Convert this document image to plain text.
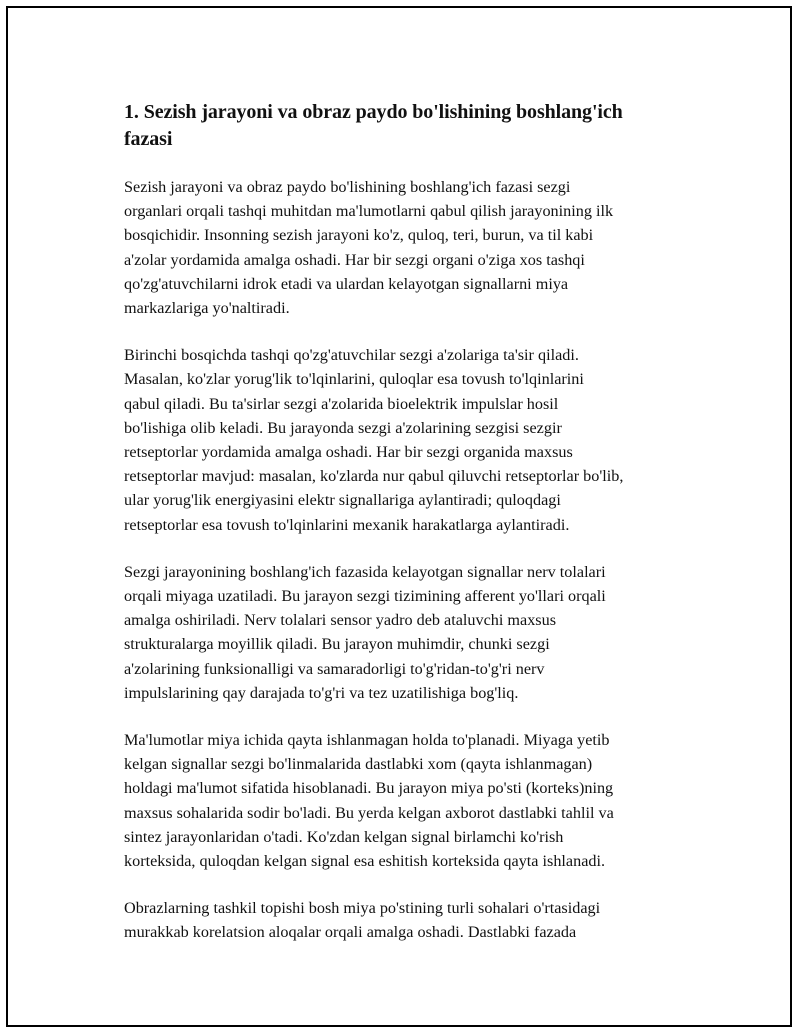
1. Sezish jarayoni va obraz paydo bo'lishining boshlang'ich
fazasi

Sezish jarayoni va obraz paydo bo'lishining boshlang'ich fazasi sezgi
organlari orqali tashqi muhitdan ma'lumotlarni qabul qilish jarayonining ilk
bosqichidir. Insonning sezish jarayoni ko'z, quloq, teri, burun, va til kabi
a'zolar yordamida amalga oshadi. Har bir sezgi organi o'ziga xos tashqi
qo'zg'atuvchilarni idrok etadi va ulardan kelayotgan signallarni miya
markazlariga yo'naltiradi.

Birinchi bosqichda tashqi qo'zg'atuvchilar sezgi a'zolariga ta'sir qiladi.
Masalan, ko'zlar yorug'lik to'lqinlarini, quloqlar esa tovush to'lqinlarini
qabul qiladi. Bu ta'sirlar sezgi a'zolarida bioelektrik impulslar hosil
bo'lishiga olib keladi. Bu jarayonda sezgi a'zolarining sezgisi sezgir
retseptorlar yordamida amalga oshadi. Har bir sezgi organida maxsus
retseptorlar mavjud: masalan, ko'zlarda nur qabul qiluvchi retseptorlar bo'lib,
ular yorug'lik energiyasini elektr signallariga aylantiradi; quloqdagi
retseptorlar esa tovush to'lqinlarini mexanik harakatlarga aylantiradi.

Sezgi jarayonining boshlang'ich fazasida kelayotgan signallar nerv tolalari
orqali miyaga uzatiladi. Bu jarayon sezgi tizimining afferent yo'llari orqali
amalga oshiriladi. Nerv tolalari sensor yadro deb ataluvchi maxsus
strukturalarga moyillik qiladi. Bu jarayon muhimdir, chunki sezgi
a'zolarining funksionalligi va samaradorligi to'g'ridan-to'g'ri nerv
impulslarining qay darajada to'g'ri va tez uzatilishiga bog'liq.

Ma'lumotlar miya ichida qayta ishlanmagan holda to'planadi. Miyaga yetib
kelgan signallar sezgi bo'linmalarida dastlabki xom (qayta ishlanmagan)
holdagi ma'lumot sifatida hisoblanadi. Bu jarayon miya po'sti (korteks)ning
maxsus sohalarida sodir bo'ladi. Bu yerda kelgan axborot dastlabki tahlil va
sintez jarayonlaridan o'tadi. Ko'zdan kelgan signal birlamchi ko'rish
korteksida, quloqdan kelgan signal esa eshitish korteksida qayta ishlanadi.

Obrazlarning tashkil topishi bosh miya po'stining turli sohalari o'rtasidagi
murakkab korelatsion aloqalar orqali amalga oshadi. Dastlabki fazada
